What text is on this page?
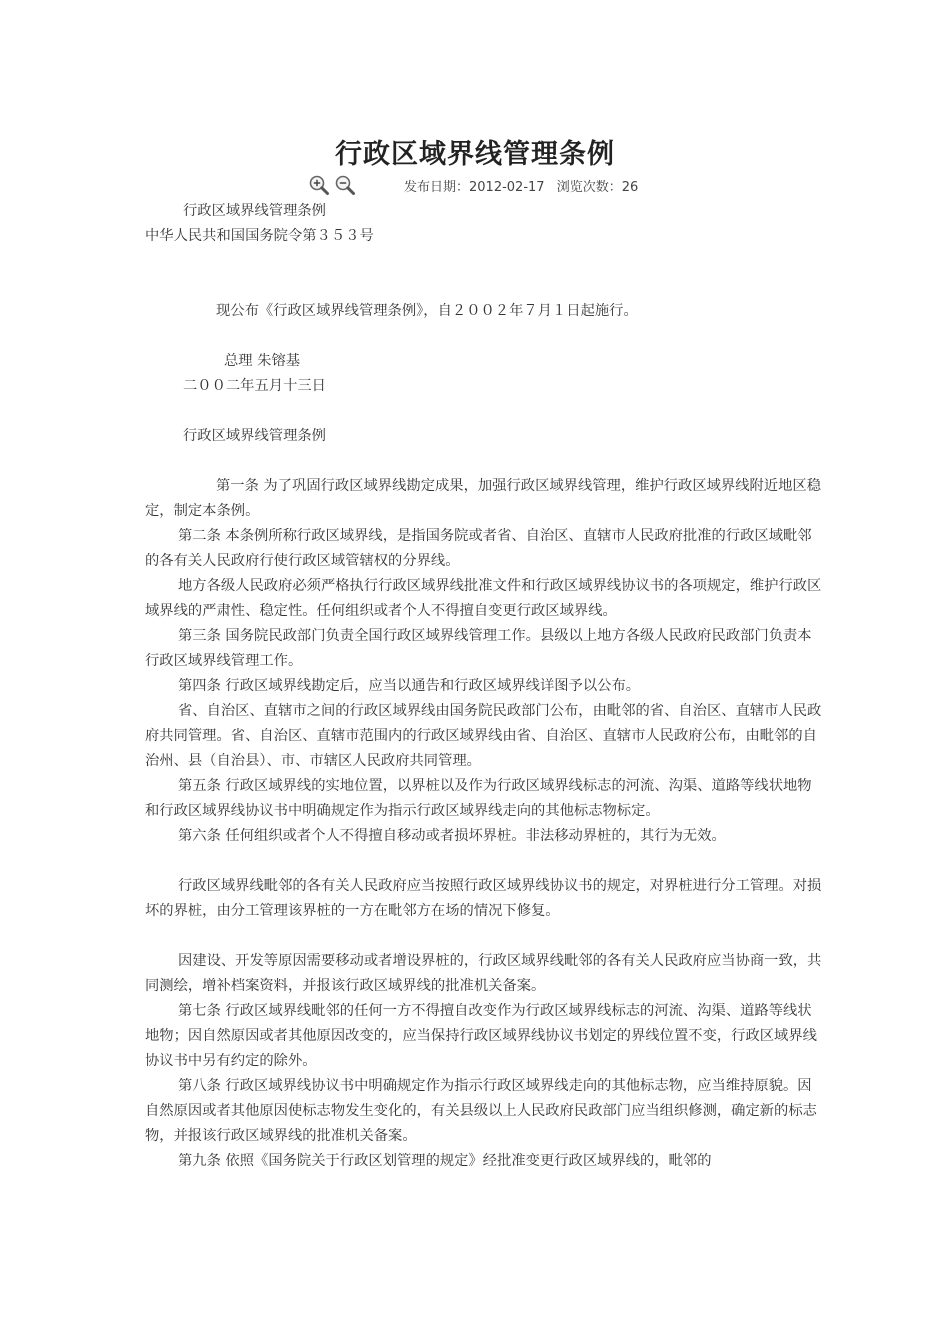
行政区域界线管理条例
发布日期：2012-02-17 浏览次数：26

行政区域界线管理条例

中华人民共和国国务院令第３５３号

现公布《行政区域界线管理条例》，自２００２年７月１日起施行。

总理 朱镕基

二００二年五月十三日

行政区域界线管理条例

第一条 为了巩固行政区域界线勘定成果，加强行政区域界线管理，维护行政区域界线附近地区稳定，制定本条例。

第二条 本条例所称行政区域界线，是指国务院或者省、自治区、直辖市人民政府批准的行政区域毗邻的各有关人民政府行使行政区域管辖权的分界线。

地方各级人民政府必须严格执行行政区域界线批准文件和行政区域界线协议书的各项规定，维护行政区域界线的严肃性、稳定性。任何组织或者个人不得擅自变更行政区域界线。

第三条 国务院民政部门负责全国行政区域界线管理工作。县级以上地方各级人民政府民政部门负责本行政区域界线管理工作。

第四条 行政区域界线勘定后，应当以通告和行政区域界线详图予以公布。

省、自治区、直辖市之间的行政区域界线由国务院民政部门公布，由毗邻的省、自治区、直辖市人民政府共同管理。省、自治区、直辖市范围内的行政区域界线由省、自治区、直辖市人民政府公布，由毗邻的自治州、县（自治县）、市、市辖区人民政府共同管理。

第五条 行政区域界线的实地位置，以界桩以及作为行政区域界线标志的河流、沟渠、道路等线状地物和行政区域界线协议书中明确规定作为指示行政区域界线走向的其他标志物标定。

第六条 任何组织或者个人不得擅自移动或者损坏界桩。非法移动界桩的，其行为无效。

行政区域界线毗邻的各有关人民政府应当按照行政区域界线协议书的规定，对界桩进行分工管理。对损坏的界桩，由分工管理该界桩的一方在毗邻方在场的情况下修复。

因建设、开发等原因需要移动或者增设界桩的，行政区域界线毗邻的各有关人民政府应当协商一致，共同测绘，增补档案资料，并报该行政区域界线的批准机关备案。

第七条 行政区域界线毗邻的任何一方不得擅自改变作为行政区域界线标志的河流、沟渠、道路等线状地物；因自然原因或者其他原因改变的，应当保持行政区域界线协议书划定的界线位置不变，行政区域界线协议书中另有约定的除外。

第八条 行政区域界线协议书中明确规定作为指示行政区域界线走向的其他标志物，应当维持原貌。因自然原因或者其他原因使标志物发生变化的，有关县级以上人民政府民政部门应当组织修测，确定新的标志物，并报该行政区域界线的批准机关备案。

第九条 依照《国务院关于行政区划管理的规定》经批准变更行政区域界线的，毗邻的
